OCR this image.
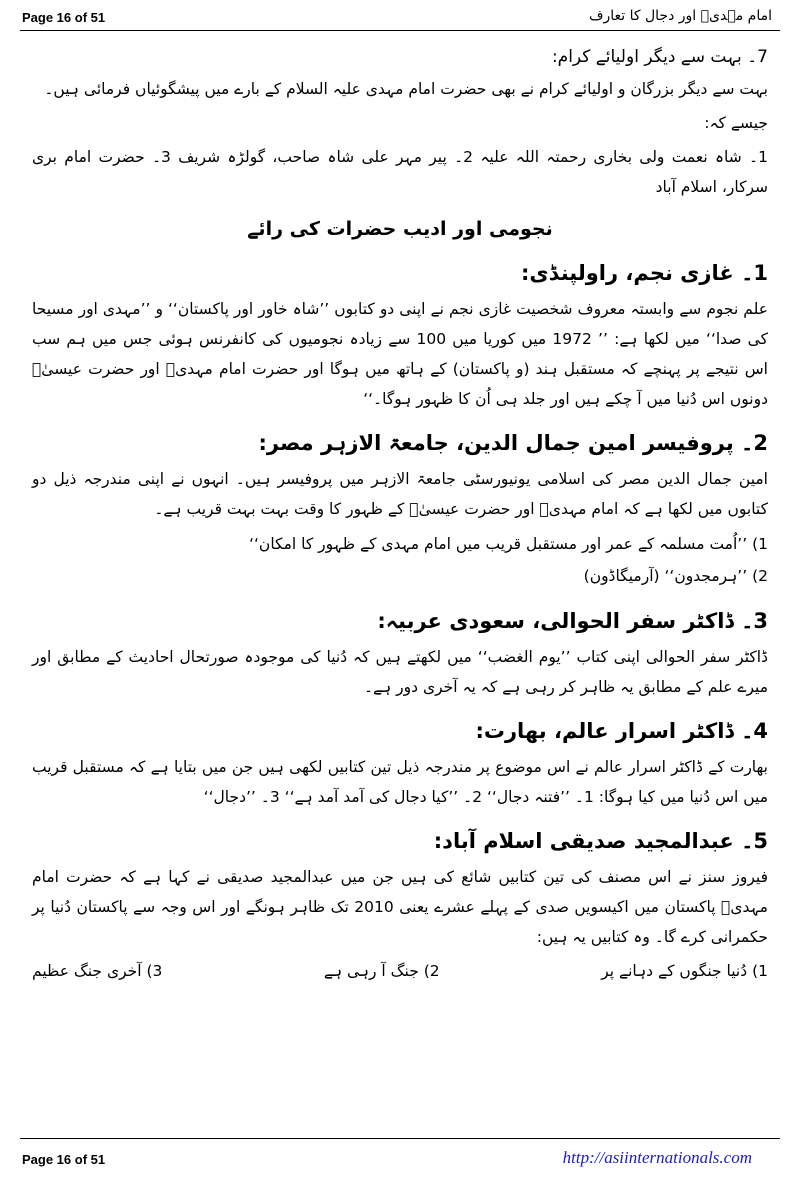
Page 16 of 51	امام مہدیؑ اور دجال کا تعارف
7۔ بہت سے دیگر اولیائے کرام:

بہت سے دیگر بزرگان و اولیائے کرام نے بھی حضرت امام مہدی علیہ السلام کے بارے میں پیشگوئیاں فرمائی ہیں۔

جیسے کہ:

1۔ شاہ نعمت ولی بخاری رحمتہ اللہ علیہ 2۔ پیر مہر علی شاہ صاحب، گولڑہ شریف 3۔ حضرت امام بری سرکار، اسلام آباد

نجومی اور ادیب حضرات کی رائے
1۔ غازی نجم، راولپنڈی:

علم نجوم سے وابستہ معروف شخصیت غازی نجم نے اپنی دو کتابوں ’’شاہ خاور اور پاکستان‘‘ و ’’مہدی اور مسیحا کی صدا‘‘ میں لکھا ہے: ’’ 1972 میں کوریا میں 100 سے زیادہ نجومیوں کی کانفرنس ہوئی جس میں ہم سب اس نتیجے پر پہنچے کہ مستقبل ہند (و پاکستان) کے ہاتھ میں ہوگا اور حضرت امام مہدیؑ اور حضرت عیسیٰؑ دونوں اس دُنیا میں آ چکے ہیں اور جلد ہی اُن کا ظہور ہوگا۔‘‘

2۔ پروفیسر امین جمال الدین، جامعۃ الازہر مصر:

امین جمال الدین مصر کی اسلامی یونیورسٹی جامعۃ الازہر میں پروفیسر ہیں۔ انہوں نے اپنی مندرجہ ذیل دو کتابوں میں لکھا ہے کہ امام مہدیؑ اور حضرت عیسیٰؑ کے ظہور کا وقت بہت بہت قریب ہے۔

1) ’’اُمت مسلمہ کے عمر اور مستقبل قریب میں امام مہدی کے ظہور کا امکان‘‘

2) ’’ہرمجدون‘‘ (آرمیگاڈون)

3۔ ڈاکٹر سفر الحوالی، سعودی عربیہ:

ڈاکٹر سفر الحوالی اپنی کتاب ’’یوم الغضب‘‘ میں لکھتے ہیں کہ دُنیا کی موجودہ صورتحال احادیث کے مطابق اور میرے علم کے مطابق یہ ظاہر کر رہی ہے کہ یہ آخری دور ہے۔

4۔ ڈاکٹر اسرار عالم، بھارت:

بھارت کے ڈاکٹر اسرار عالم نے اس موضوع پر مندرجہ ذیل تین کتابیں لکھی ہیں جن میں بتایا ہے کہ مستقبل قریب میں اس دُنیا میں کیا ہوگا: 1۔ ’’فتنہ دجال‘‘ 2۔ ’’کیا دجال کی آمد آمد ہے‘‘ 3۔ ’’دجال‘‘

5۔ عبدالمجید صدیقی اسلام آباد:

فیروز سنز نے اس مصنف کی تین کتابیں شائع کی ہیں جن میں عبدالمجید صدیقی نے کہا ہے کہ حضرت امام مہدیؑ پاکستان میں اکیسویں صدی کے پہلے عشرے یعنی 2010 تک ظاہر ہونگے اور اس وجہ سے پاکستان دُنیا پر حکمرانی کرے گا۔ وہ کتابیں یہ ہیں:

1) دُنیا جنگوں کے دہانے پر
2) جنگ آ رہی ہے
3) آخری جنگ عظیم
Page 16 of 51	http://asiinternationals.com
